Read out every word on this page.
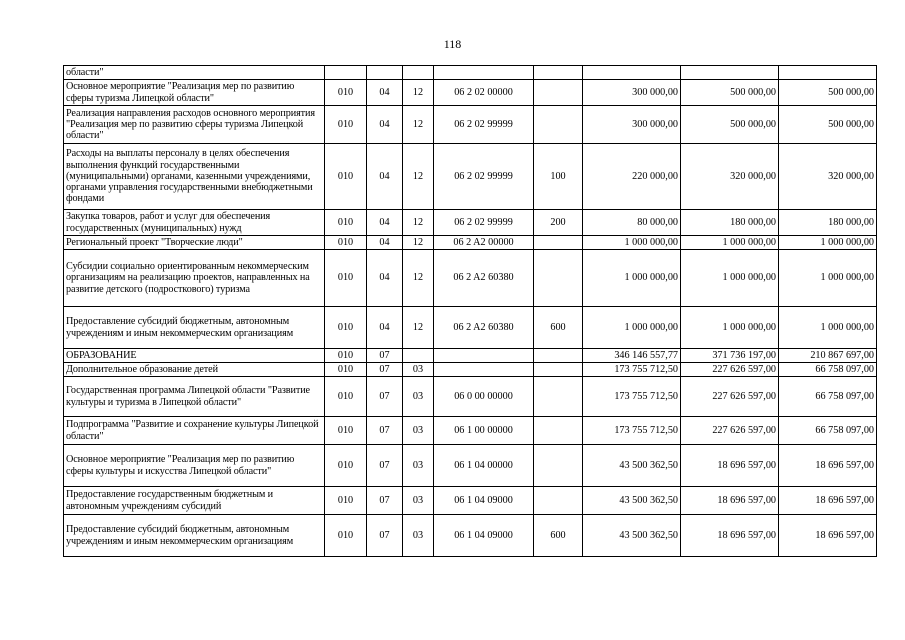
118
области"								
Основное мероприятие "Реализация мер по развитию сферы туризма Липецкой области"	010	04	12	06 2 02 00000		300 000,00	500 000,00	500 000,00
Реализация направления расходов основного мероприятия "Реализация мер по развитию сферы туризма Липецкой области"	010	04	12	06 2 02 99999		300 000,00	500 000,00	500 000,00
Расходы на выплаты персоналу в целях обеспечения выполнения функций государственными (муниципальными) органами, казенными учреждениями, органами управления государственными внебюджетными фондами	010	04	12	06 2 02 99999	100	220 000,00	320 000,00	320 000,00
Закупка товаров, работ и услуг для обеспечения государственных (муниципальных) нужд	010	04	12	06 2 02 99999	200	80 000,00	180 000,00	180 000,00
Региональный проект "Творческие люди"	010	04	12	06 2 A2 00000		1 000 000,00	1 000 000,00	1 000 000,00
Субсидии социально ориентированным некоммерческим организациям на реализацию проектов, направленных на развитие детского (подросткового) туризма	010	04	12	06 2 A2 60380		1 000 000,00	1 000 000,00	1 000 000,00
Предоставление субсидий бюджетным, автономным учреждениям и иным некоммерческим организациям	010	04	12	06 2 A2 60380	600	1 000 000,00	1 000 000,00	1 000 000,00
ОБРАЗОВАНИЕ	010	07				346 146 557,77	371 736 197,00	210 867 697,00
Дополнительное образование детей	010	07	03			173 755 712,50	227 626 597,00	66 758 097,00
Государственная программа Липецкой области "Развитие культуры и туризма в Липецкой области"	010	07	03	06 0 00 00000		173 755 712,50	227 626 597,00	66 758 097,00
Подпрограмма "Развитие и сохранение культуры Липецкой области"	010	07	03	06 1 00 00000		173 755 712,50	227 626 597,00	66 758 097,00
Основное мероприятие "Реализация мер по развитию сферы культуры и искусства Липецкой области"	010	07	03	06 1 04 00000		43 500 362,50	18 696 597,00	18 696 597,00
Предоставление государственным бюджетным и автономным учреждениям субсидий	010	07	03	06 1 04 09000		43 500 362,50	18 696 597,00	18 696 597,00
Предоставление субсидий бюджетным, автономным учреждениям и иным некоммерческим организациям	010	07	03	06 1 04 09000	600	43 500 362,50	18 696 597,00	18 696 597,00
